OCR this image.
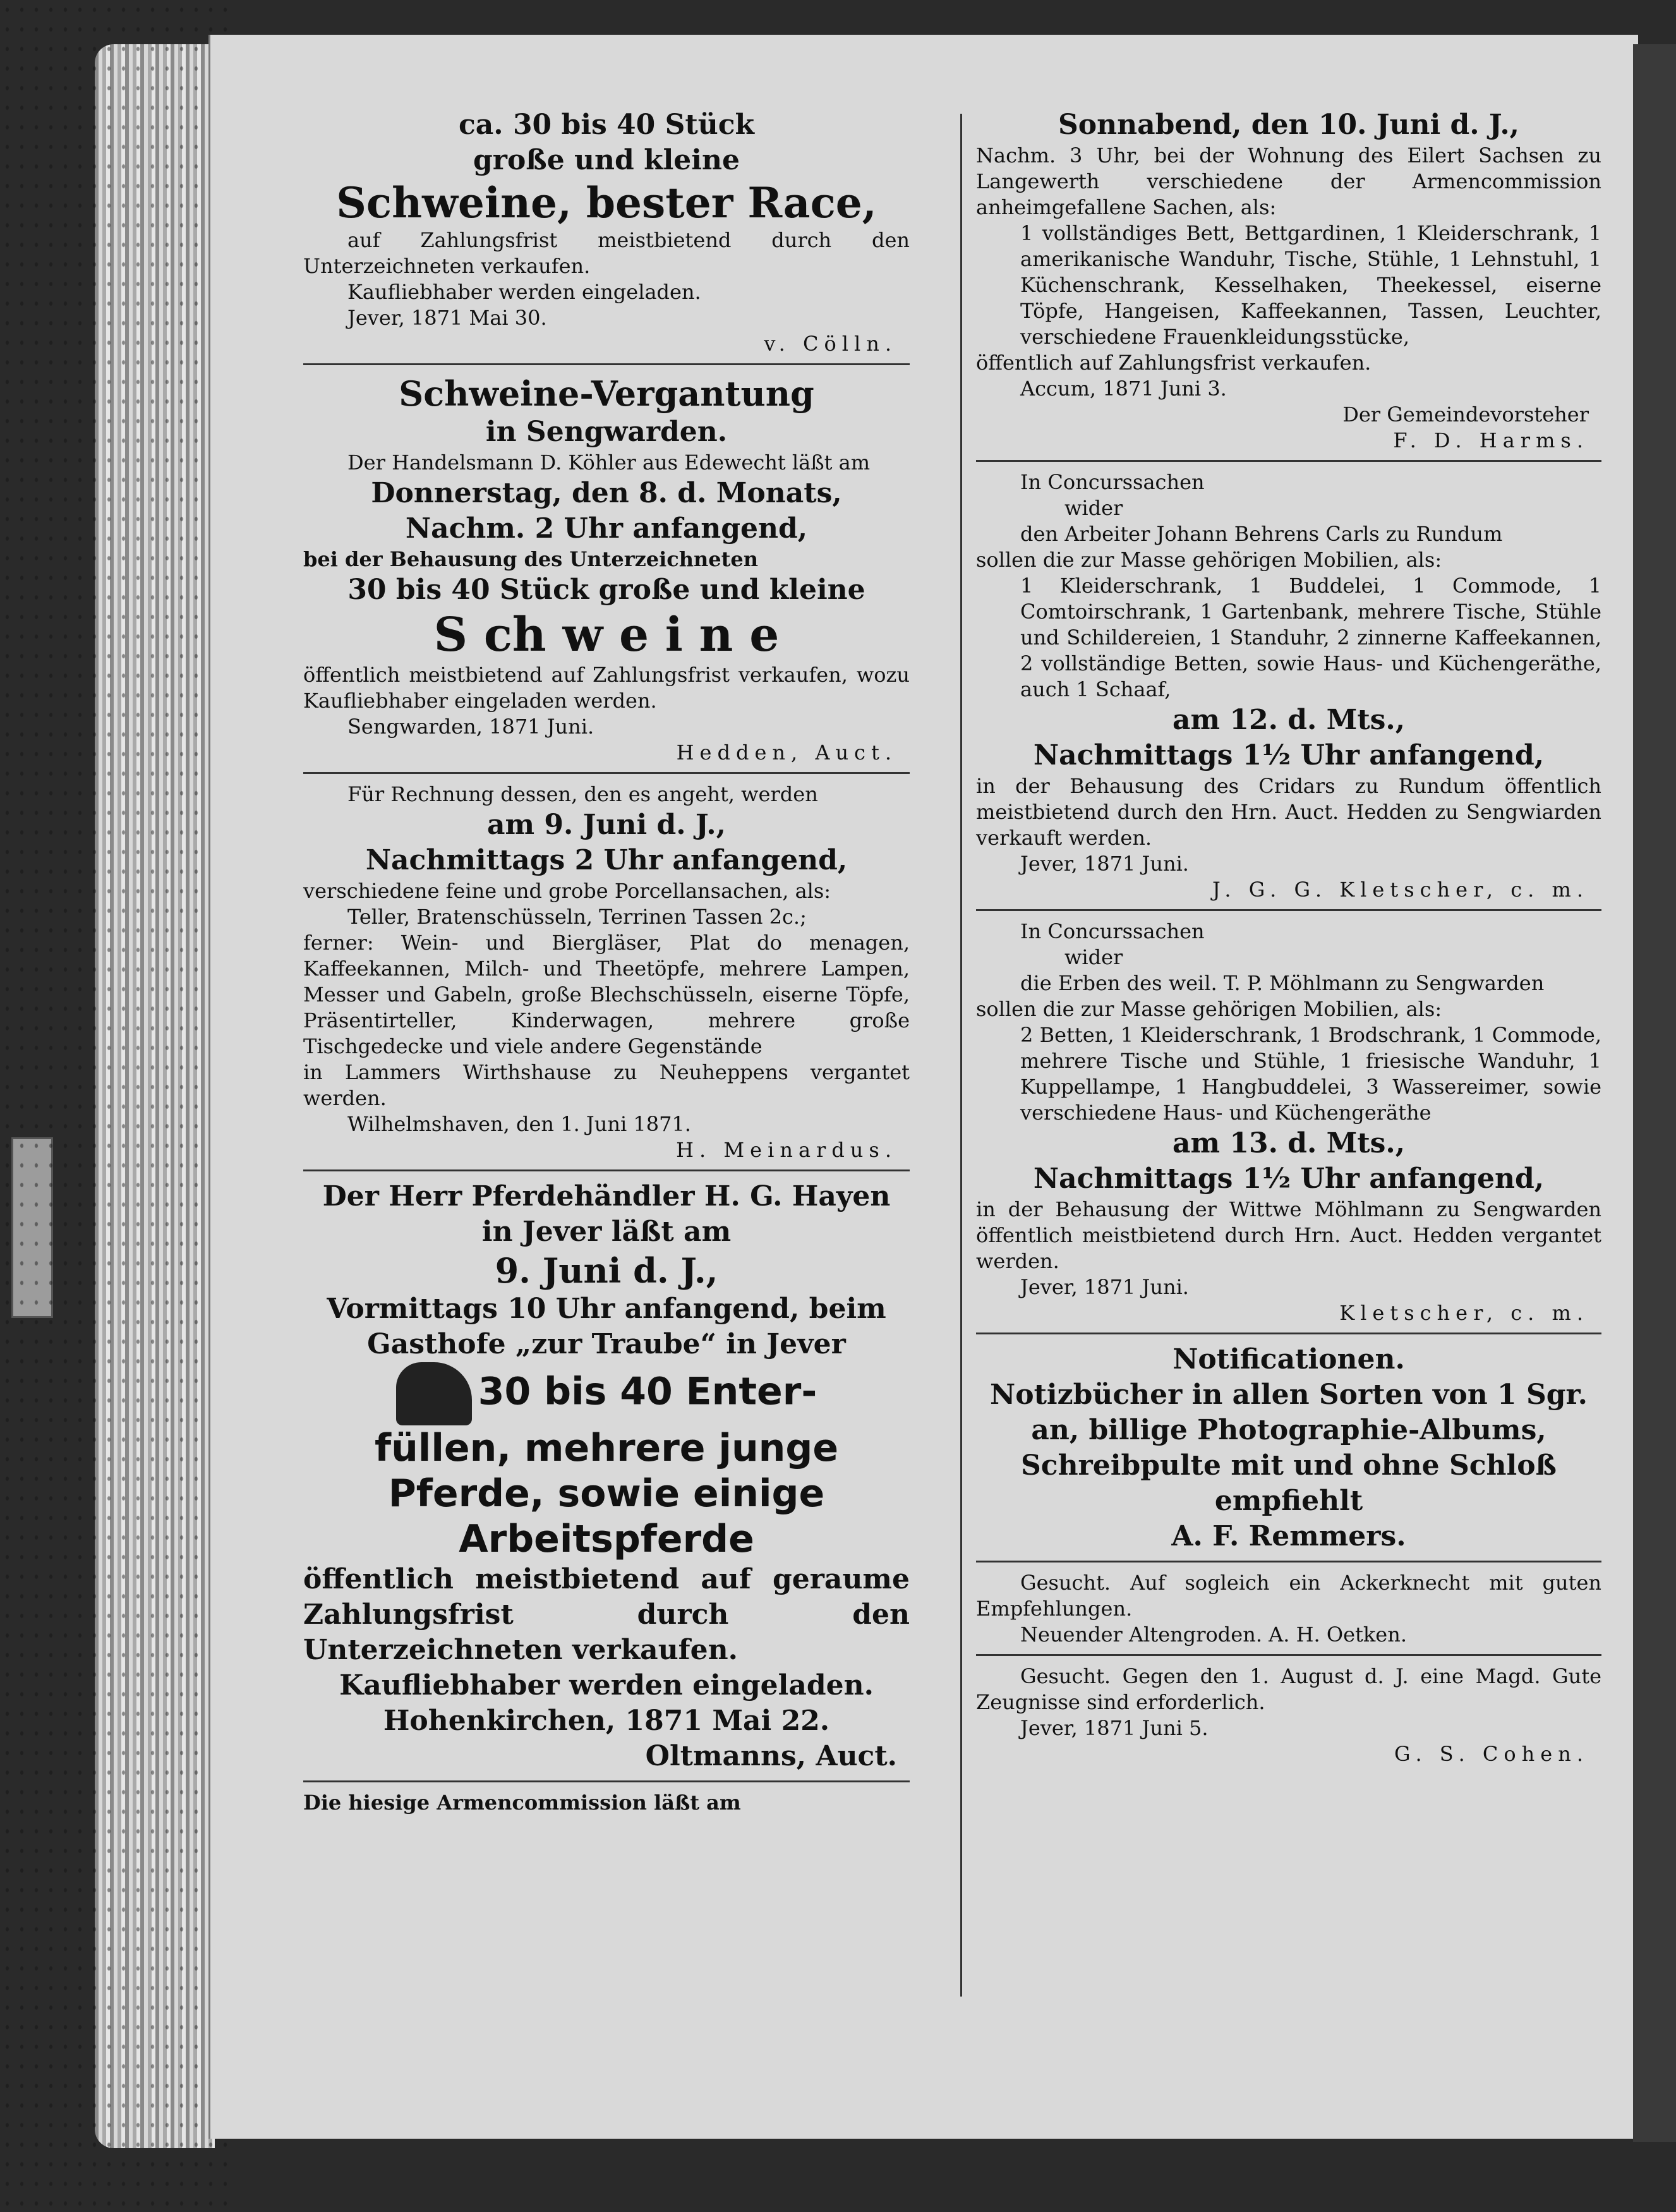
ca. 30 bis 40 Stück

große und kleine

Schweine, bester Race,

auf Zahlungsfrist meistbietend durch den Unterzeichneten verkaufen.

Kaufliebhaber werden eingeladen.

Jever, 1871 Mai 30.

v. Cölln.

Schweine-Vergantung

in Sengwarden.

Der Handelsmann D. Köhler aus Edewecht läßt am

Donnerstag, den 8. d. Monats,

Nachm. 2 Uhr anfangend,

bei der Behausung des Unterzeichneten

30 bis 40 Stück große und kleine

S ch w e i n e

öffentlich meistbietend auf Zahlungsfrist verkaufen, wozu Kaufliebhaber eingeladen werden.

Sengwarden, 1871 Juni.

Hedden, Auct.

Für Rechnung dessen, den es angeht, werden

am 9. Juni d. J.,

Nachmittags 2 Uhr anfangend,

verschiedene feine und grobe Porcellansachen, als:

Teller, Bratenschüsseln, Terrinen Tassen 2c.;

ferner: Wein- und Biergläser, Plat do menagen, Kaffeekannen, Milch- und Theetöpfe, mehrere Lampen, Messer und Gabeln, große Blechschüsseln, eiserne Töpfe, Präsentirteller, Kinderwagen, mehrere große Tischgedecke und viele andere Gegenstände

in Lammers Wirthshause zu Neuheppens vergantet werden.

Wilhelmshaven, den 1. Juni 1871.

H. Meinardus.

Der Herr Pferdehändler H. G. Hayen in Jever läßt am

9. Juni d. J.,

Vormittags 10 Uhr anfangend, beim Gasthofe „zur Traube“ in Jever

30 bis 40 Enter-

füllen, mehrere junge Pferde, sowie einige Arbeitspferde

öffentlich meistbietend auf geraume Zahlungsfrist durch den Unterzeichneten verkaufen.

Kaufliebhaber werden eingeladen.

Hohenkirchen, 1871 Mai 22.

Oltmanns, Auct.

Die hiesige Armencommission läßt am

Sonnabend, den 10. Juni d. J.,

Nachm. 3 Uhr, bei der Wohnung des Eilert Sachsen zu Langewerth verschiedene der Armencommission anheimgefallene Sachen, als:

1 vollständiges Bett, Bettgardinen, 1 Kleiderschrank, 1 amerikanische Wanduhr, Tische, Stühle, 1 Lehnstuhl, 1 Küchenschrank, Kesselhaken, Theekessel, eiserne Töpfe, Hangeisen, Kaffeekannen, Tassen, Leuchter, verschiedene Frauenkleidungsstücke,

öffentlich auf Zahlungsfrist verkaufen.

Accum, 1871 Juni 3.

Der Gemeindevorsteher

F. D. Harms.

In Concurssachen

wider

den Arbeiter Johann Behrens Carls zu Rundum

sollen die zur Masse gehörigen Mobilien, als:

1 Kleiderschrank, 1 Buddelei, 1 Commode, 1 Comtoirschrank, 1 Gartenbank, mehrere Tische, Stühle und Schildereien, 1 Standuhr, 2 zinnerne Kaffeekannen, 2 vollständige Betten, sowie Haus- und Küchengeräthe, auch 1 Schaaf,

am 12. d. Mts.,

Nachmittags 1½ Uhr anfangend,

in der Behausung des Cridars zu Rundum öffentlich meistbietend durch den Hrn. Auct. Hedden zu Sengwiarden verkauft werden.

Jever, 1871 Juni.

J. G. G. Kletscher, c. m.

In Concurssachen

wider

die Erben des weil. T. P. Möhlmann zu Sengwarden

sollen die zur Masse gehörigen Mobilien, als:

2 Betten, 1 Kleiderschrank, 1 Brodschrank, 1 Commode, mehrere Tische und Stühle, 1 friesische Wanduhr, 1 Kuppellampe, 1 Hangbuddelei, 3 Wassereimer, sowie verschiedene Haus- und Küchengeräthe

am 13. d. Mts.,

Nachmittags 1½ Uhr anfangend,

in der Behausung der Wittwe Möhlmann zu Sengwarden öffentlich meistbietend durch Hrn. Auct. Hedden vergantet werden.

Jever, 1871 Juni.

Kletscher, c. m.

Notificationen.

Notizbücher in allen Sorten von 1 Sgr. an, billige Photographie-Albums, Schreibpulte mit und ohne Schloß empfiehlt

A. F. Remmers.

Gesucht. Auf sogleich ein Ackerknecht mit guten Empfehlungen.

Neuender Altengroden. A. H. Oetken.

Gesucht. Gegen den 1. August d. J. eine Magd. Gute Zeugnisse sind erforderlich.

Jever, 1871 Juni 5.

G. S. Cohen.
